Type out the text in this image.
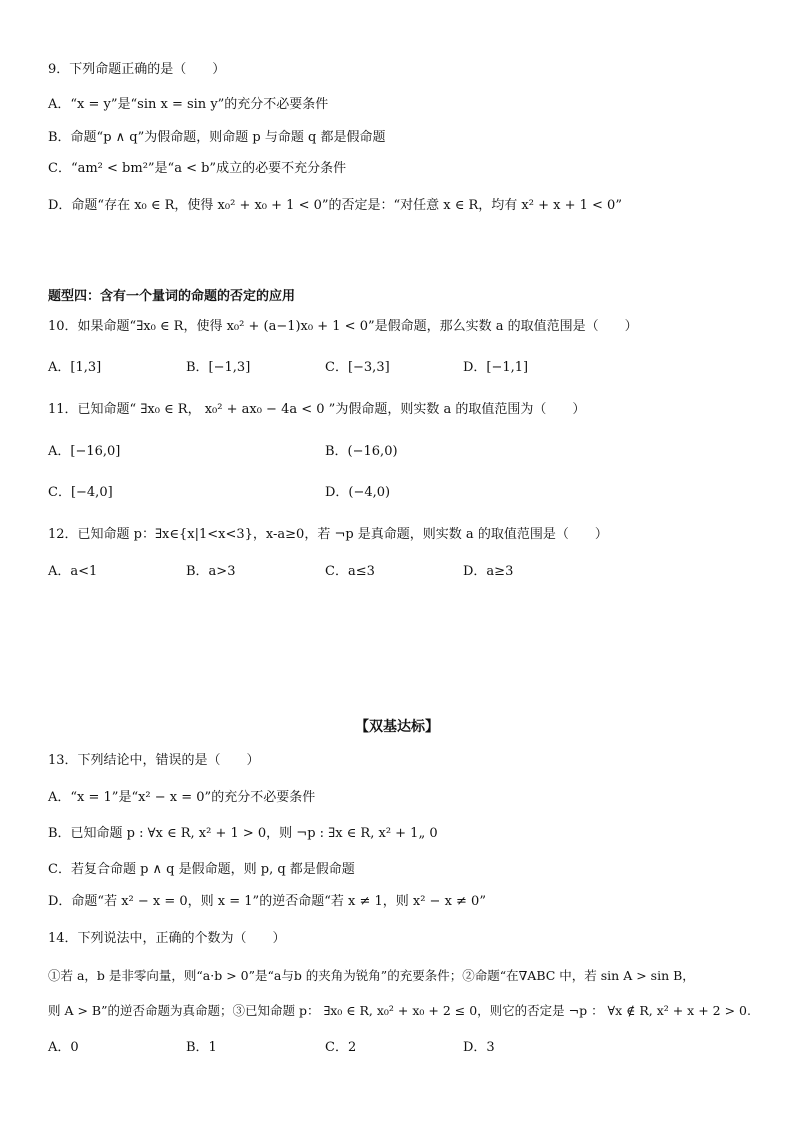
9．下列命题正确的是（　　）
A．“x = y”是“sin x = sin y”的充分不必要条件
B．命题“p ∧ q”为假命题，则命题 p 与命题 q 都是假命题
C．“am² < bm²”是“a < b”成立的必要不充分条件
D．命题“存在 x₀ ∈ R，使得 x₀² + x₀ + 1 < 0”的否定是：“对任意 x ∈ R，均有 x² + x + 1 < 0”
题型四：含有一个量词的命题的否定的应用
10．如果命题“∃x₀ ∈ R，使得 x₀² + (a−1)x₀ + 1 < 0”是假命题，那么实数 a 的取值范围是（　　）
A．[1,3]	B．[−1,3]	C．[−3,3]	D．[−1,1]
11．已知命题“ ∃x₀ ∈ R， x₀² + ax₀ − 4a < 0 ”为假命题，则实数 a 的取值范围为（　　）
A．[−16,0]	B．(−16,0)
C．[−4,0]	D．(−4,0)
12．已知命题 p：∃x∈{x|1<x<3}，x-a≥0，若 ¬p 是真命题，则实数 a 的取值范围是（　　）
A．a<1	B．a>3	C．a≤3	D．a≥3
【双基达标】
13．下列结论中，错误的是（　　）
A．“x = 1”是“x² − x = 0”的充分不必要条件
B．已知命题 p : ∀x ∈ R, x² + 1 > 0，则 ¬p : ∃x ∈ R, x² + 1„ 0
C．若复合命题 p ∧ q 是假命题，则 p, q 都是假命题
D．命题“若 x² − x = 0，则 x = 1”的逆否命题“若 x ≠ 1，则 x² − x ≠ 0”
14．下列说法中，正确的个数为（　　）
①若 a，b 是非零向量，则“a·b > 0”是“a与b 的夹角为锐角”的充要条件；②命题“在∇ABC 中，若 sin A > sin B，
则 A > B”的逆否命题为真命题；③已知命题 p： ∃x₀ ∈ R, x₀² + x₀ + 2 ≤ 0，则它的否定是 ¬p ： ∀x ∉ R, x² + x + 2 > 0.
A．0	B．1	C．2	D．3
